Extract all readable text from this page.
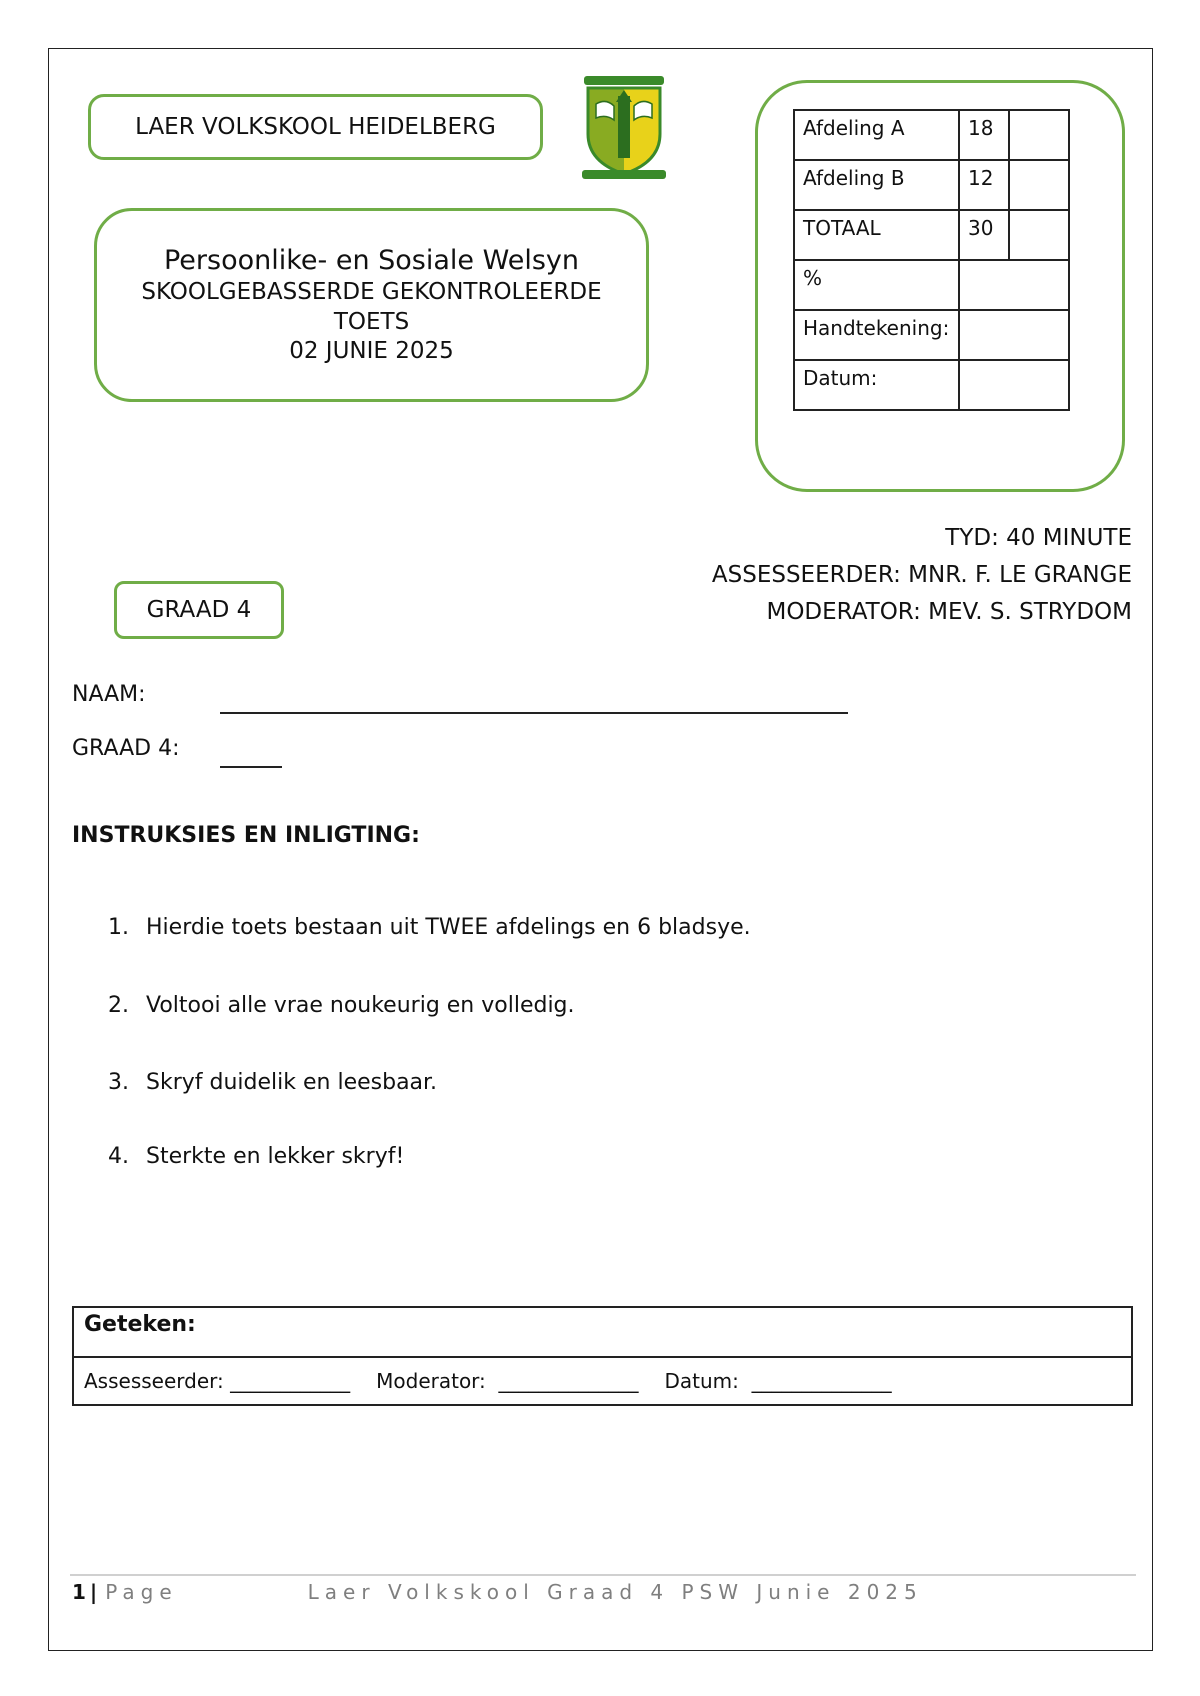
LAER VOLKSKOOL HEIDELBERG
Persoonlike- en Sosiale Welsyn
SKOOLGEBASSERDE GEKONTROLEERDE
TOETS
02 JUNIE 2025
Afdeling A	18	
Afdeling B	12	
TOTAAL	30	
%		
Handtekening:		
Datum:		
TYD: 40 MINUTE
ASSESSEERDER: MNR. F. LE GRANGE
MODERATOR: MEV. S. STRYDOM
GRAAD 4
NAAM:
GRAAD 4:
INSTRUKSIES EN INLIGTING:
1. Hierdie toets bestaan uit TWEE afdelings en 6 bladsye.
2. Voltooi alle vrae noukeurig en volledig.
3. Skryf duidelik en leesbaar.
4. Sterkte en lekker skryf!
Geteken:
Assesseerder: ____________ Moderator:  ______________ Datum:  ______________
1 | Page	Laer Volkskool Graad 4 PSW Junie 2025
